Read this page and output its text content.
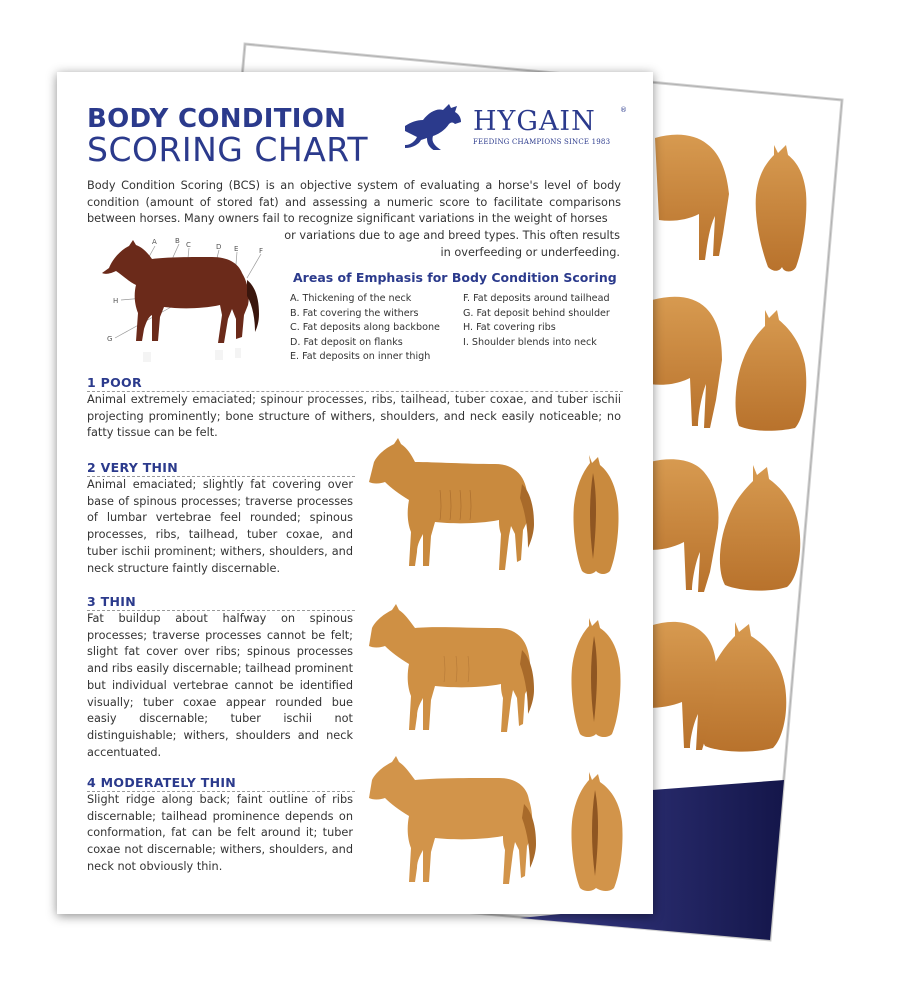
BODY CONDITION
SCORING CHART
HYGAIN	®
FEEDING CHAMPIONS SINCE 1983
Body Condition Scoring (BCS) is an objective system of evaluating a horse's level of body condition (amount of stored fat) and assessing a numeric score to facilitate comparisons between horses. Many owners fail to recognize significant variations in the weight of horses
or variations due to age and breed types. This often results
in overfeeding or underfeeding.
A	B C	D E	F
G
H
Areas of Emphasis for Body Condition Scoring
A. Thickening of the neck
B. Fat covering the withers
C. Fat deposits along backbone
D. Fat deposit on flanks
E. Fat deposits on inner thigh
F. Fat deposits around tailhead
G. Fat deposit behind shoulder
H. Fat covering ribs
I. Shoulder blends into neck
1 POOR
Animal extremely emaciated; spinour processes, ribs, tailhead, tuber coxae, and tuber ischii projecting prominently; bone structure of withers, shoulders, and neck easily noticeable; no fatty tissue can be felt.
2 VERY THIN
Animal emaciated; slightly fat covering over base of spinous processes; traverse processes of lumbar vertebrae feel rounded; spinous processes, ribs, tailhead, tuber coxae, and tuber ischii prominent; withers, shoulders, and neck structure faintly discernable.
3 THIN
Fat buildup about halfway on spinous processes; traverse processes cannot be felt; slight fat cover over ribs; spinous processes and ribs easily discernable; tailhead prominent but individual vertebrae cannot be identified visually; tuber coxae appear rounded bue easiy discernable; tuber ischii not distinguishable; withers, shoulders and neck accentuated.
4 MODERATELY THIN
Slight ridge along back; faint outline of ribs discernable; tailhead prominence depends on conformation, fat can be felt around it; tuber coxae not discernable; withers, shoulders, and neck not obviously thin.
